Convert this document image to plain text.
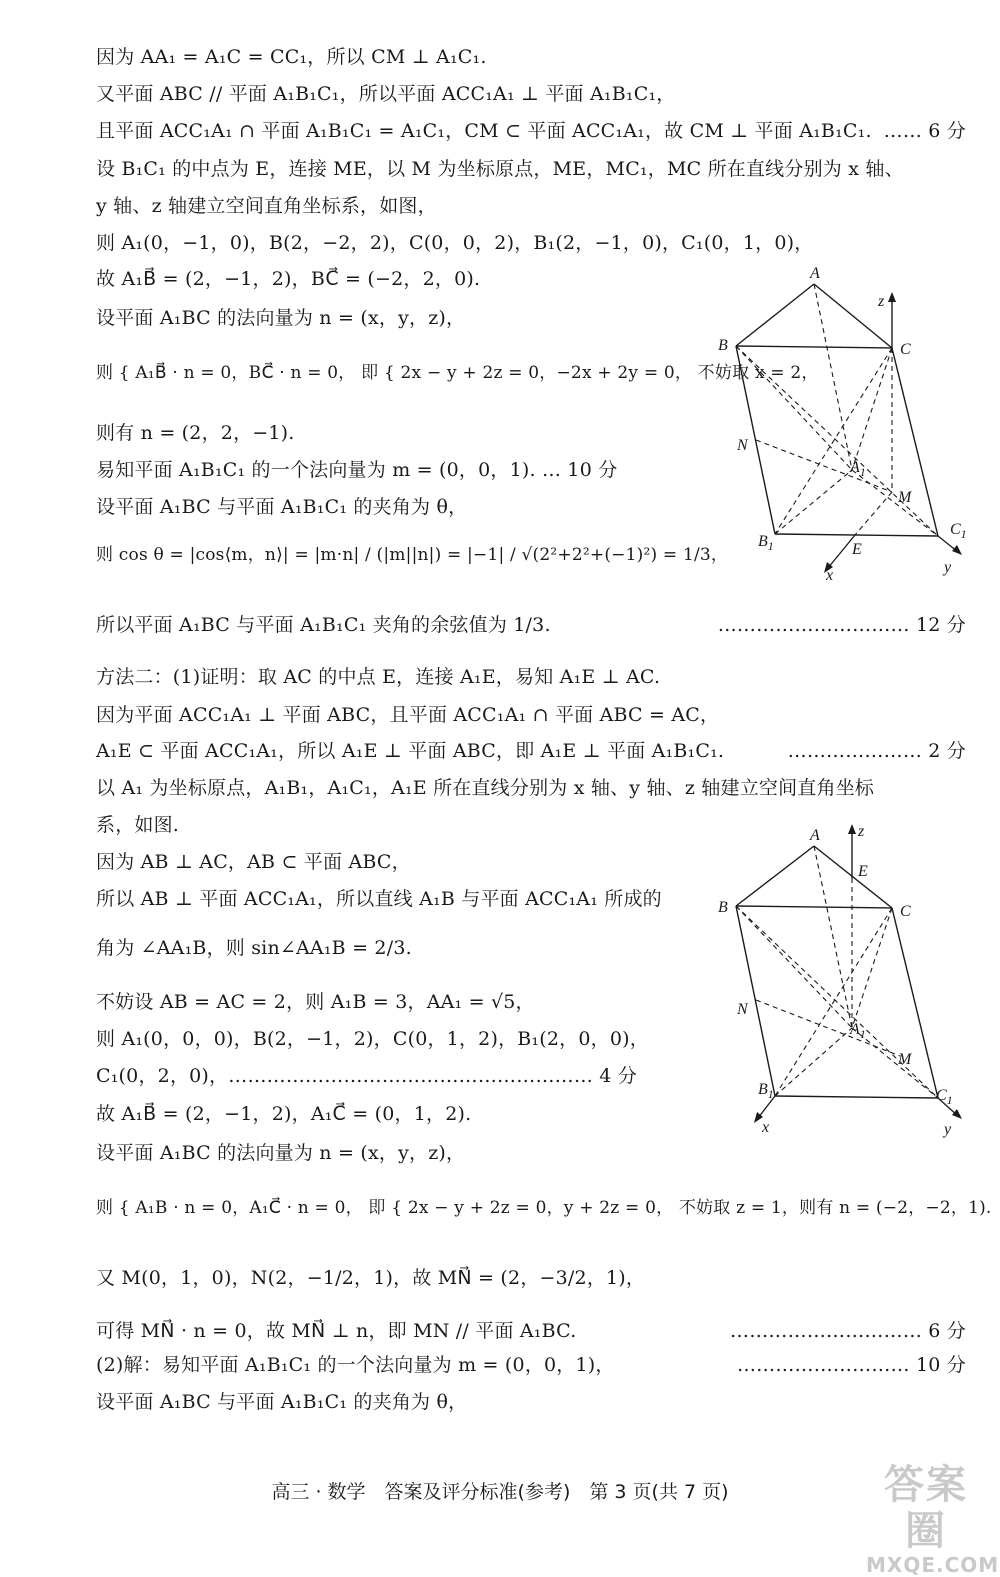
因为 AA₁ = A₁C = CC₁，所以 CM ⊥ A₁C₁.
又平面 ABC // 平面 A₁B₁C₁，所以平面 ACC₁A₁ ⊥ 平面 A₁B₁C₁，
且平面 ACC₁A₁ ∩ 平面 A₁B₁C₁ = A₁C₁，CM ⊂ 平面 ACC₁A₁，故 CM ⊥ 平面 A₁B₁C₁. …… 6 分
设 B₁C₁ 的中点为 E，连接 ME，以 M 为坐标原点，ME，MC₁，MC 所在直线分别为 x 轴、
y 轴、z 轴建立空间直角坐标系，如图，
则 A₁(0，−1，0)，B(2，−2，2)，C(0，0，2)，B₁(2，−1，0)，C₁(0，1，0)，
故 A₁B⃗ = (2，−1，2)，BC⃗ = (−2，2，0).
设平面 A₁BC 的法向量为 n = (x，y，z)，
则 { A₁B⃗ · n = 0，BC⃗ · n = 0， 即 { 2x − y + 2z = 0，−2x + 2y = 0， 不妨取 x = 2，
则有 n = (2，2，−1).
易知平面 A₁B₁C₁ 的一个法向量为 m = (0，0，1). … 10 分
设平面 A₁BC 与平面 A₁B₁C₁ 的夹角为 θ，
则 cos θ = |cos⟨m，n⟩| = |m·n| / (|m||n|) = |−1| / √(2²+2²+(−1)²) = 1/3，
所以平面 A₁BC 与平面 A₁B₁C₁ 夹角的余弦值为 1/3.	………………………… 12 分
方法二：(1)证明：取 AC 的中点 E，连接 A₁E，易知 A₁E ⊥ AC.
因为平面 ACC₁A₁ ⊥ 平面 ABC，且平面 ACC₁A₁ ∩ 平面 ABC = AC，
A₁E ⊂ 平面 ACC₁A₁，所以 A₁E ⊥ 平面 ABC，即 A₁E ⊥ 平面 A₁B₁C₁.	………………… 2 分
以 A₁ 为坐标原点，A₁B₁，A₁C₁，A₁E 所在直线分别为 x 轴、y 轴、z 轴建立空间直角坐标
系，如图.
因为 AB ⊥ AC，AB ⊂ 平面 ABC，
所以 AB ⊥ 平面 ACC₁A₁，所以直线 A₁B 与平面 ACC₁A₁ 所成的
角为 ∠AA₁B，则 sin∠AA₁B = 2/3.
不妨设 AB = AC = 2，则 A₁B = 3，AA₁ = √5，
则 A₁(0，0，0)，B(2，−1，2)，C(0，1，2)，B₁(2，0，0)，
C₁(0，2，0)，………………………………………………… 4 分
故 A₁B⃗ = (2，−1，2)，A₁C⃗ = (0，1，2).
设平面 A₁BC 的法向量为 n = (x，y，z)，
则 { A₁B · n = 0，A₁C⃗ · n = 0， 即 { 2x − y + 2z = 0，y + 2z = 0， 不妨取 z = 1，则有 n = (−2，−2，1).
又 M(0，1，0)，N(2，−1/2，1)，故 MN⃗ = (2，−3/2，1)，
可得 MN⃗ · n = 0，故 MN⃗ ⊥ n，即 MN // 平面 A₁BC.	………………………… 6 分
(2)解：易知平面 A₁B₁C₁ 的一个法向量为 m = (0，0，1)，	……………………… 10 分
设平面 A₁BC 与平面 A₁B₁C₁ 的夹角为 θ，
A
B	C
N
$A_1$
M
$B_1$
$C_1$
E
x	y
z
A
B	C
E
N
$A_1$
M
$B_1$	$C_1$
x	y
z
高三 · 数学　答案及评分标准(参考)　第 3 页(共 7 页)	答案圈
MXQE.COM
